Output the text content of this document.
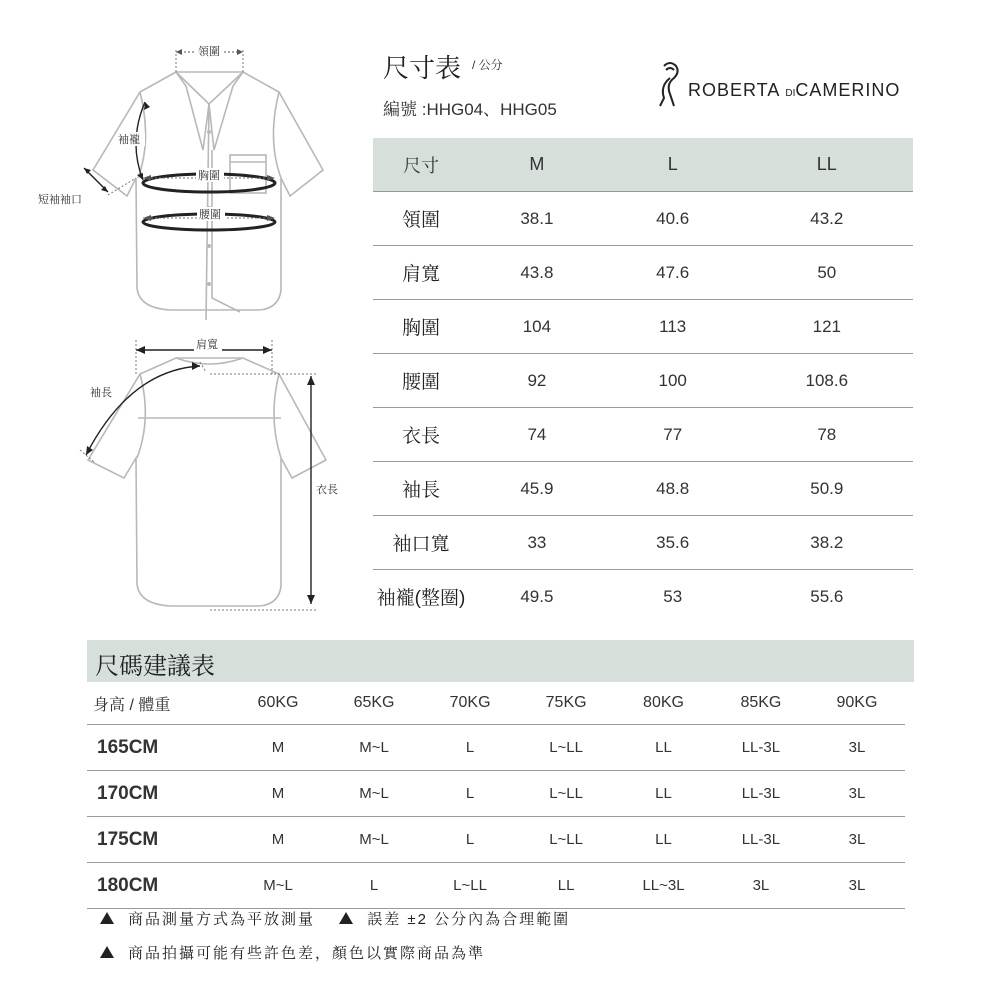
領圍
袖襱
短袖袖口
胸圍
腰圍
肩寬
袖長
衣長
尺寸表 / 公分
編號 :HHG04、HHG05
ROBERTA DICAMERINO
尺寸	M	L	LL
領圍	38.1	40.6	43.2
肩寬	43.8	47.6	50
胸圍	104	113	121
腰圍	92	100	108.6
衣長	74	77	78
袖長	45.9	48.8	50.9
袖口寬	33	35.6	38.2
袖襱(整圈)	49.5	53	55.6
尺碼建議表
身高 / 體重	60KG	65KG	70KG	75KG	80KG	85KG	90KG
165CM	M	M~L	L	L~LL	LL	LL-3L	3L
170CM	M	M~L	L	L~LL	LL	LL-3L	3L
175CM	M	M~L	L	L~LL	LL	LL-3L	3L
180CM	M~L	L	L~LL	LL	LL~3L	3L	3L
商品測量方式為平放測量	誤差 ±2 公分內為合理範圍
商品拍攝可能有些許色差，顏色以實際商品為準
